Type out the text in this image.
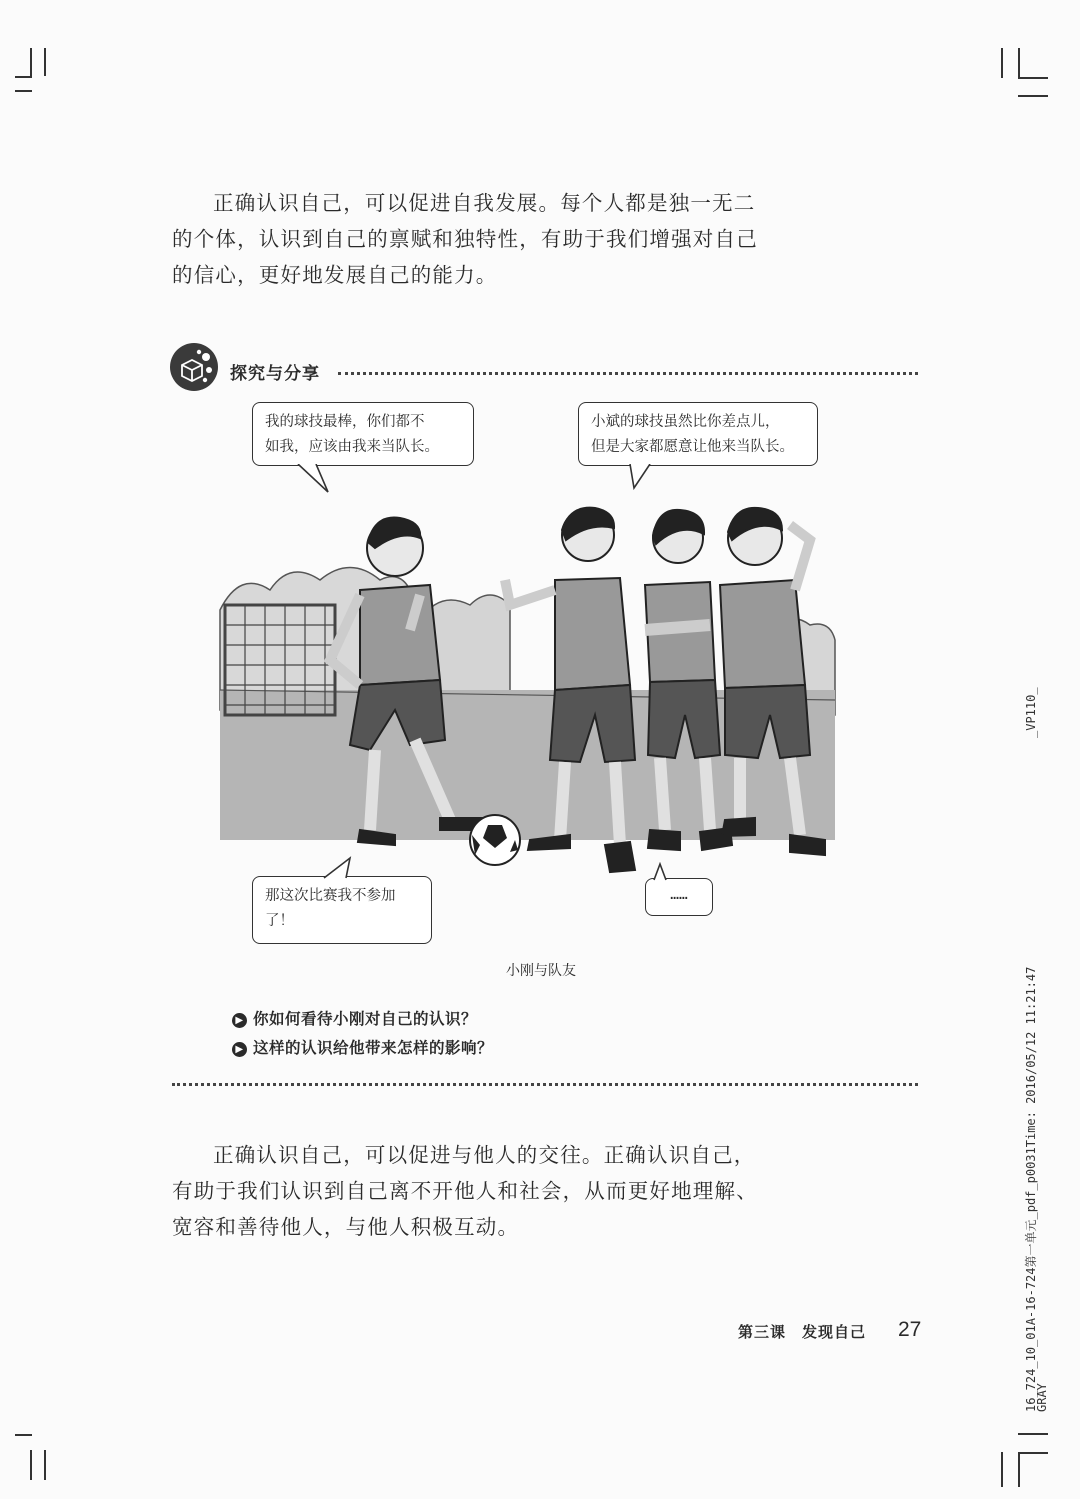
正确认识自己，可以促进自我发展。每个人都是独一无二的个体，认识到自己的禀赋和独特性，有助于我们增强对自己的信心，更好地发展自己的能力。

探究与分享
我的球技最棒，你们都不
如我，应该由我来当队长。
小斌的球技虽然比你差点儿，
但是大家都愿意让他来当队长。
那这次比赛我不参加
了！
……
小刚与队友
▶ 你如何看待小刚对自己的认识？
▶ 这样的认识给他带来怎样的影响？

正确认识自己，可以促进与他人的交往。正确认识自己，有助于我们认识到自己离不开他人和社会，从而更好地理解、宽容和善待他人，与他人积极互动。

第三课　发现自己 27
_VP110_
16_724_10_01A-16-724第一单元_pdf_p0031Time: 2016/05/12 11:21:47
GRAY
